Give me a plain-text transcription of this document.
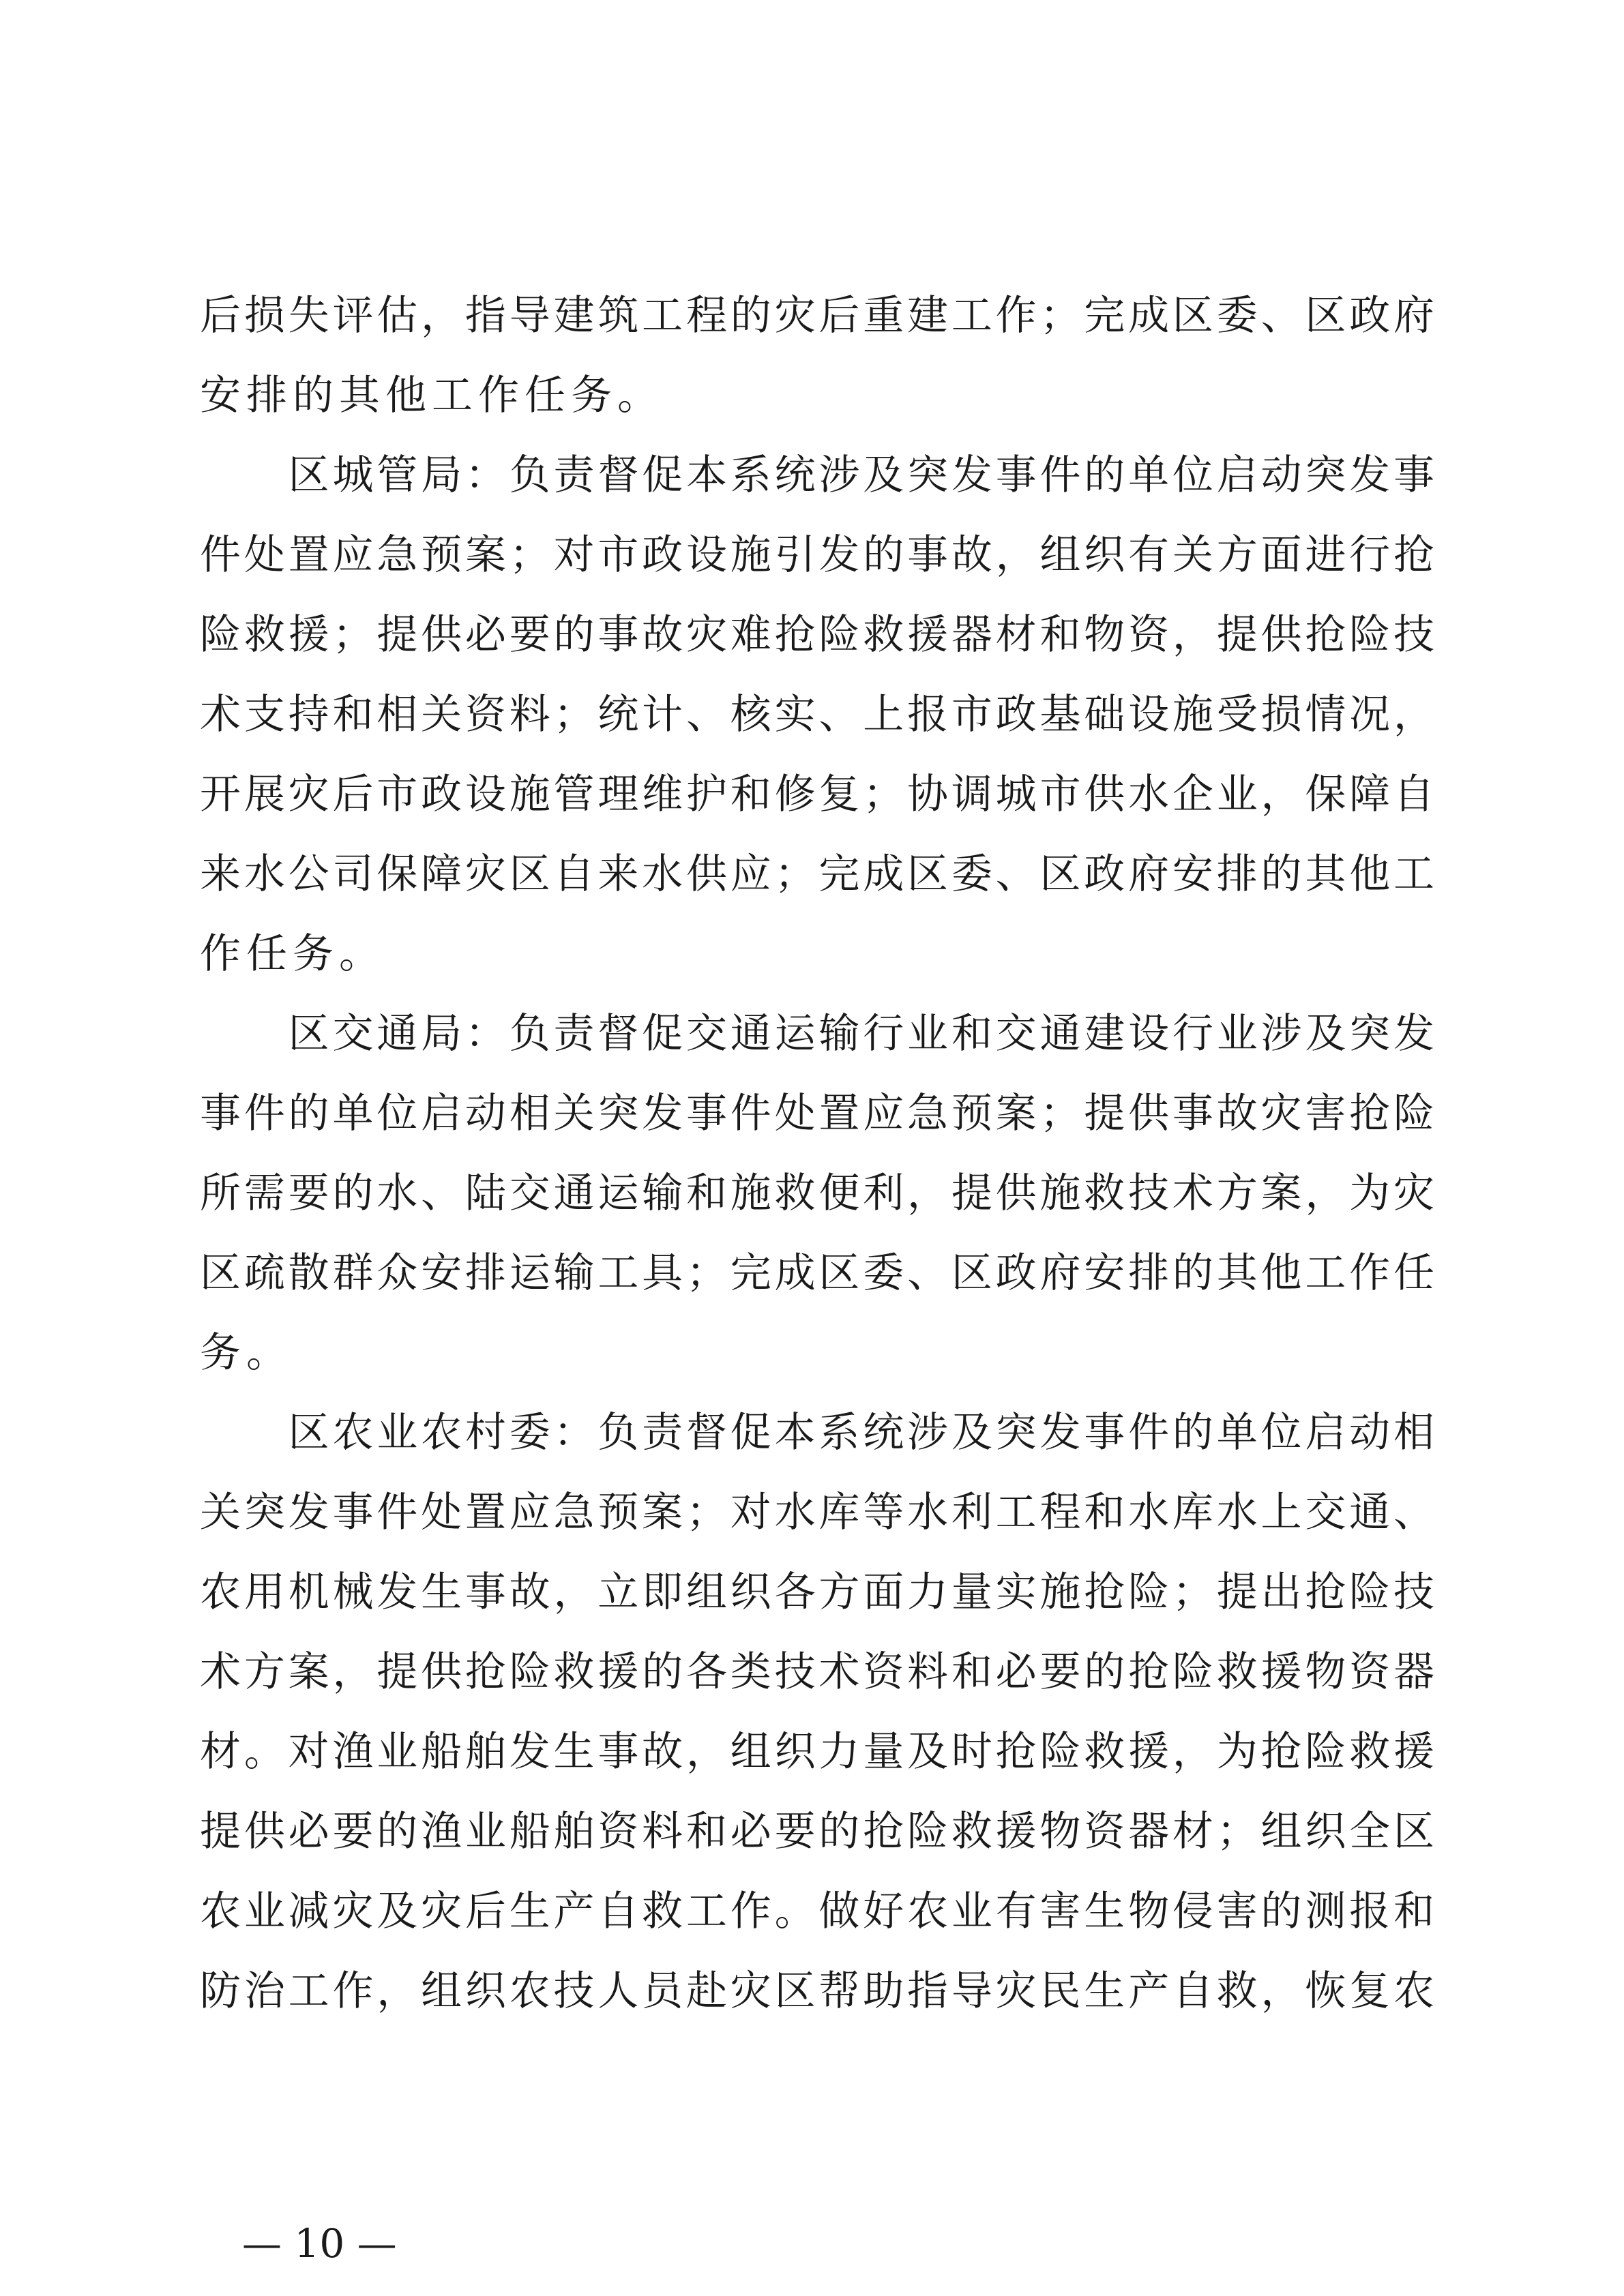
后损失评估，指导建筑工程的灾后重建工作；完成区委、区政府
安排的其他工作任务。
　　区城管局：负责督促本系统涉及突发事件的单位启动突发事
件处置应急预案；对市政设施引发的事故，组织有关方面进行抢
险救援；提供必要的事故灾难抢险救援器材和物资，提供抢险技
术支持和相关资料；统计、核实、上报市政基础设施受损情况，
开展灾后市政设施管理维护和修复；协调城市供水企业，保障自
来水公司保障灾区自来水供应；完成区委、区政府安排的其他工
作任务。
　　区交通局：负责督促交通运输行业和交通建设行业涉及突发
事件的单位启动相关突发事件处置应急预案；提供事故灾害抢险
所需要的水、陆交通运输和施救便利，提供施救技术方案，为灾
区疏散群众安排运输工具；完成区委、区政府安排的其他工作任
务。
　　区农业农村委：负责督促本系统涉及突发事件的单位启动相
关突发事件处置应急预案；对水库等水利工程和水库水上交通、
农用机械发生事故，立即组织各方面力量实施抢险；提出抢险技
术方案，提供抢险救援的各类技术资料和必要的抢险救援物资器
材。对渔业船舶发生事故，组织力量及时抢险救援，为抢险救援
提供必要的渔业船舶资料和必要的抢险救援物资器材；组织全区
农业减灾及灾后生产自救工作。做好农业有害生物侵害的测报和
防治工作，组织农技人员赴灾区帮助指导灾民生产自救，恢复农
— 10 —
